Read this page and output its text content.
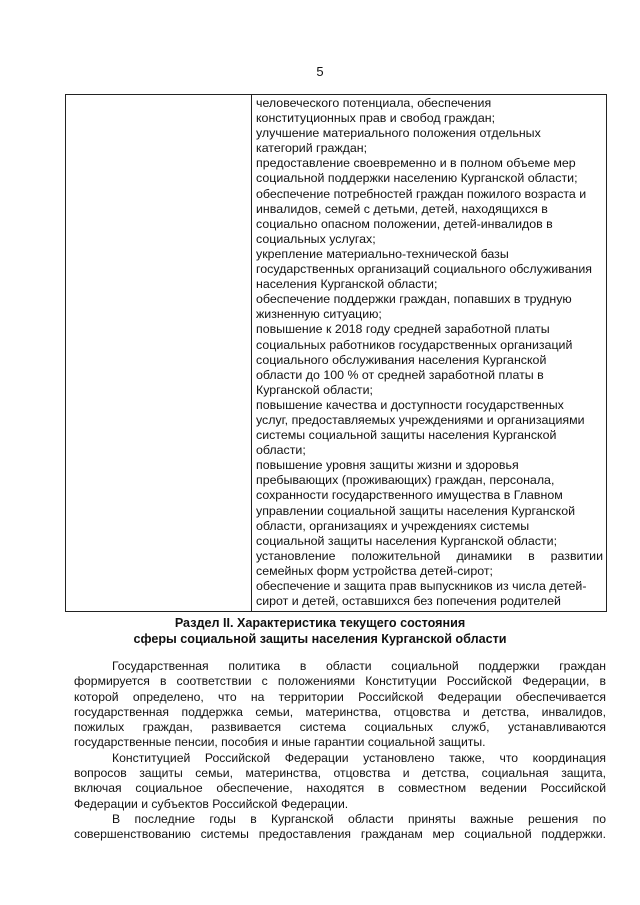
5

человеческого потенциала, обеспечения
конституционных прав и свобод граждан;
улучшение материального положения отдельных
категорий граждан;
предоставление своевременно и в полном объеме мер
социальной поддержки населению Курганской области;
обеспечение потребностей граждан пожилого возраста и
инвалидов, семей с детьми, детей, находящихся в
социально опасном положении, детей-инвалидов в
социальных услугах;
укрепление материально-технической базы
государственных организаций социального обслуживания
населения Курганской области;
обеспечение поддержки граждан, попавших в трудную
жизненную ситуацию;
повышение к 2018 году средней заработной платы
социальных работников государственных организаций
социального обслуживания населения Курганской
области до 100 % от средней заработной платы в
Курганской области;
повышение качества и доступности государственных
услуг, предоставляемых учреждениями и организациями
системы социальной защиты населения Курганской
области;
повышение уровня защиты жизни и здоровья
пребывающих (проживающих) граждан, персонала,
сохранности государственного имущества в Главном
управлении социальной защиты населения Курганской
области, организациях и учреждениях системы
социальной защиты населения Курганской области;
установление положительной динамики в развитии
семейных форм устройства детей-сирот;
обеспечение и защита прав выпускников из числа детей-
сирот и детей, оставшихся без попечения родителей
Раздел II. Характеристика текущего состояния
сферы социальной защиты населения Курганской области
Государственная политика в области социальной поддержки граждан
формируется в соответствии с положениями Конституции Российской Федерации, в
которой определено, что на территории Российской Федерации обеспечивается
государственная поддержка семьи, материнства, отцовства и детства, инвалидов,
пожилых граждан, развивается система социальных служб, устанавливаются
государственные пенсии, пособия и иные гарантии социальной защиты.
Конституцией Российской Федерации установлено также, что координация
вопросов защиты семьи, материнства, отцовства и детства, социальная защита,
включая социальное обеспечение, находятся в совместном ведении Российской
Федерации и субъектов Российской Федерации.
В последние годы в Курганской области приняты важные решения по
совершенствованию системы предоставления гражданам мер социальной поддержки.
